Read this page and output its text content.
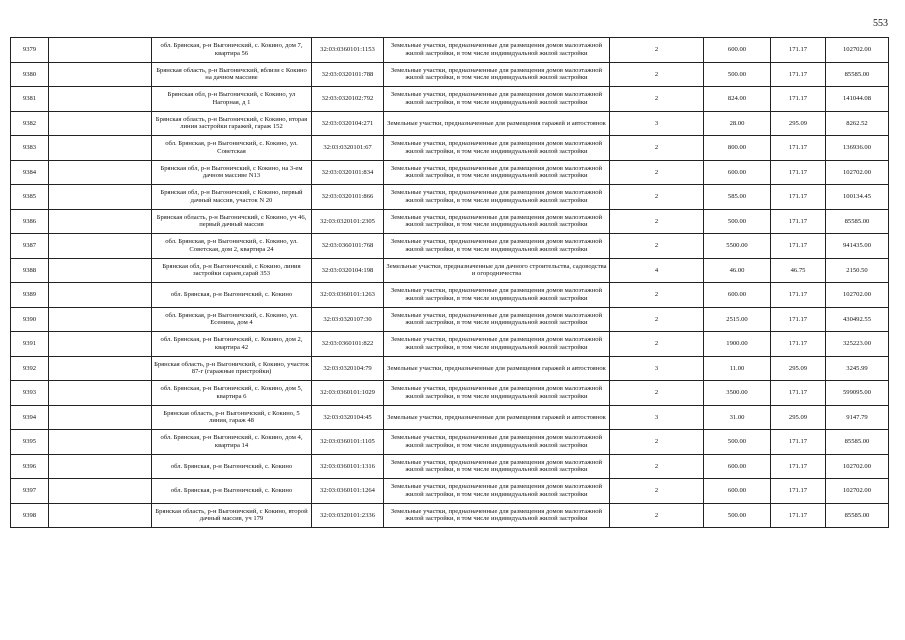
553
9379		обл. Брянская, р-н Выгоничский, с. Кокино, дом 7, квартира 56	32:03:0360101:1153	Земельные участки, предназначенные для размещения домов малоэтажной жилой застройки, в том числе индивидуальной жилой застройки	2	600.00	171.17	102702.00
9380		Брянская область, р-н Выгоничский, вблизи с Кокино на дачном массиве	32:03:0320101:788	Земельные участки, предназначенные для размещения домов малоэтажной жилой застройки, в том числе индивидуальной жилой застройки	2	500.00	171.17	85585.00
9381		Брянская обл, р-н Выгоничский, с Кокино, ул Нагорная, д 1	32:03:0320102:792	Земельные участки, предназначенные для размещения домов малоэтажной жилой застройки, в том числе индивидуальной жилой застройки	2	824.00	171.17	141044.08
9382		Брянская область, р-н Выгоничский, с Кокино, вторая линия застройки гаражей, гараж 152	32:03:0320104:271	Земельные участки, предназначенные для размещения гаражей и автостоянок	3	28.00	295.09	8262.52
9383		обл. Брянская, р-н Выгоничский, с. Кокино, ул. Советская	32:03:0320101:67	Земельные участки, предназначенные для размещения домов малоэтажной жилой застройки, в том числе индивидуальной жилой застройки	2	800.00	171.17	136936.00
9384		Брянская обл, р-н Выгоничский, с Кокино, на 3-ем дачном массиве N13	32:03:0320101:834	Земельные участки, предназначенные для размещения домов малоэтажной жилой застройки, в том числе индивидуальной жилой застройки	2	600.00	171.17	102702.00
9385		Брянская обл, р-н Выгоничский, с Кокино, первый дачный массив, участок N 20	32:03:0320101:866	Земельные участки, предназначенные для размещения домов малоэтажной жилой застройки, в том числе индивидуальной жилой застройки	2	585.00	171.17	100134.45
9386		Брянская область, р-н Выгоничский, с Кокино, уч 46, первый дачный массив	32:03:0320101:2305	Земельные участки, предназначенные для размещения домов малоэтажной жилой застройки, в том числе индивидуальной жилой застройки	2	500.00	171.17	85585.00
9387		обл. Брянская, р-н Выгоничский, с. Кокино, ул. Советская, дом 2, квартира 24	32:03:0360101:768	Земельные участки, предназначенные для размещения домов малоэтажной жилой застройки, в том числе индивидуальной жилой застройки	2	5500.00	171.17	941435.00
9388		Брянская обл, р-н Выгоничский, с Кокино, линия застройки сараев,сарай 353	32:03:0320104:198	Земельные участки, предназначенные для дачного строительства, садоводства и огородничества	4	46.00	46.75	2150.50
9389		обл. Брянская, р-н Выгоничский, с. Кокино	32:03:0360101:1263	Земельные участки, предназначенные для размещения домов малоэтажной жилой застройки, в том числе индивидуальной жилой застройки	2	600.00	171.17	102702.00
9390		обл. Брянская, р-н Выгоничский, с. Кокино, ул. Есенина, дом 4	32:03:0320107:30	Земельные участки, предназначенные для размещения домов малоэтажной жилой застройки, в том числе индивидуальной жилой застройки	2	2515.00	171.17	430492.55
9391		обл. Брянская, р-н Выгоничский, с. Кокино, дом 2, квартира 42	32:03:0360101:822	Земельные участки, предназначенные для размещения домов малоэтажной жилой застройки, в том числе индивидуальной жилой застройки	2	1900.00	171.17	325223.00
9392		Брянская область, р-н Выгоничский, с Кокино, участок 87-г (гаражные пристройки)	32:03:0320104:79	Земельные участки, предназначенные для размещения гаражей и автостоянок	3	11.00	295.09	3245.99
9393		обл. Брянская, р-н Выгоничский, с. Кокино, дом 5, квартира 6	32:03:0360101:1029	Земельные участки, предназначенные для размещения домов малоэтажной жилой застройки, в том числе индивидуальной жилой застройки	2	3500.00	171.17	599095.00
9394		Брянская область, р-н Выгоничский, с Кокино, 5 линия, гараж 48	32:03:0320104:45	Земельные участки, предназначенные для размещения гаражей и автостоянок	3	31.00	295.09	9147.79
9395		обл. Брянская, р-н Выгоничский, с. Кокино, дом 4, квартира 14	32:03:0360101:1105	Земельные участки, предназначенные для размещения домов малоэтажной жилой застройки, в том числе индивидуальной жилой застройки	2	500.00	171.17	85585.00
9396		обл. Брянская, р-н Выгоничский, с. Кокино	32:03:0360101:1316	Земельные участки, предназначенные для размещения домов малоэтажной жилой застройки, в том числе индивидуальной жилой застройки	2	600.00	171.17	102702.00
9397		обл. Брянская, р-н Выгоничский, с. Кокино	32:03:0360101:1264	Земельные участки, предназначенные для размещения домов малоэтажной жилой застройки, в том числе индивидуальной жилой застройки	2	600.00	171.17	102702.00
9398		Брянская область, р-н Выгоничский, с Кокино, второй дачный массив, уч 179	32:03:0320101:2336	Земельные участки, предназначенные для размещения домов малоэтажной жилой застройки, в том числе индивидуальной жилой застройки	2	500.00	171.17	85585.00
